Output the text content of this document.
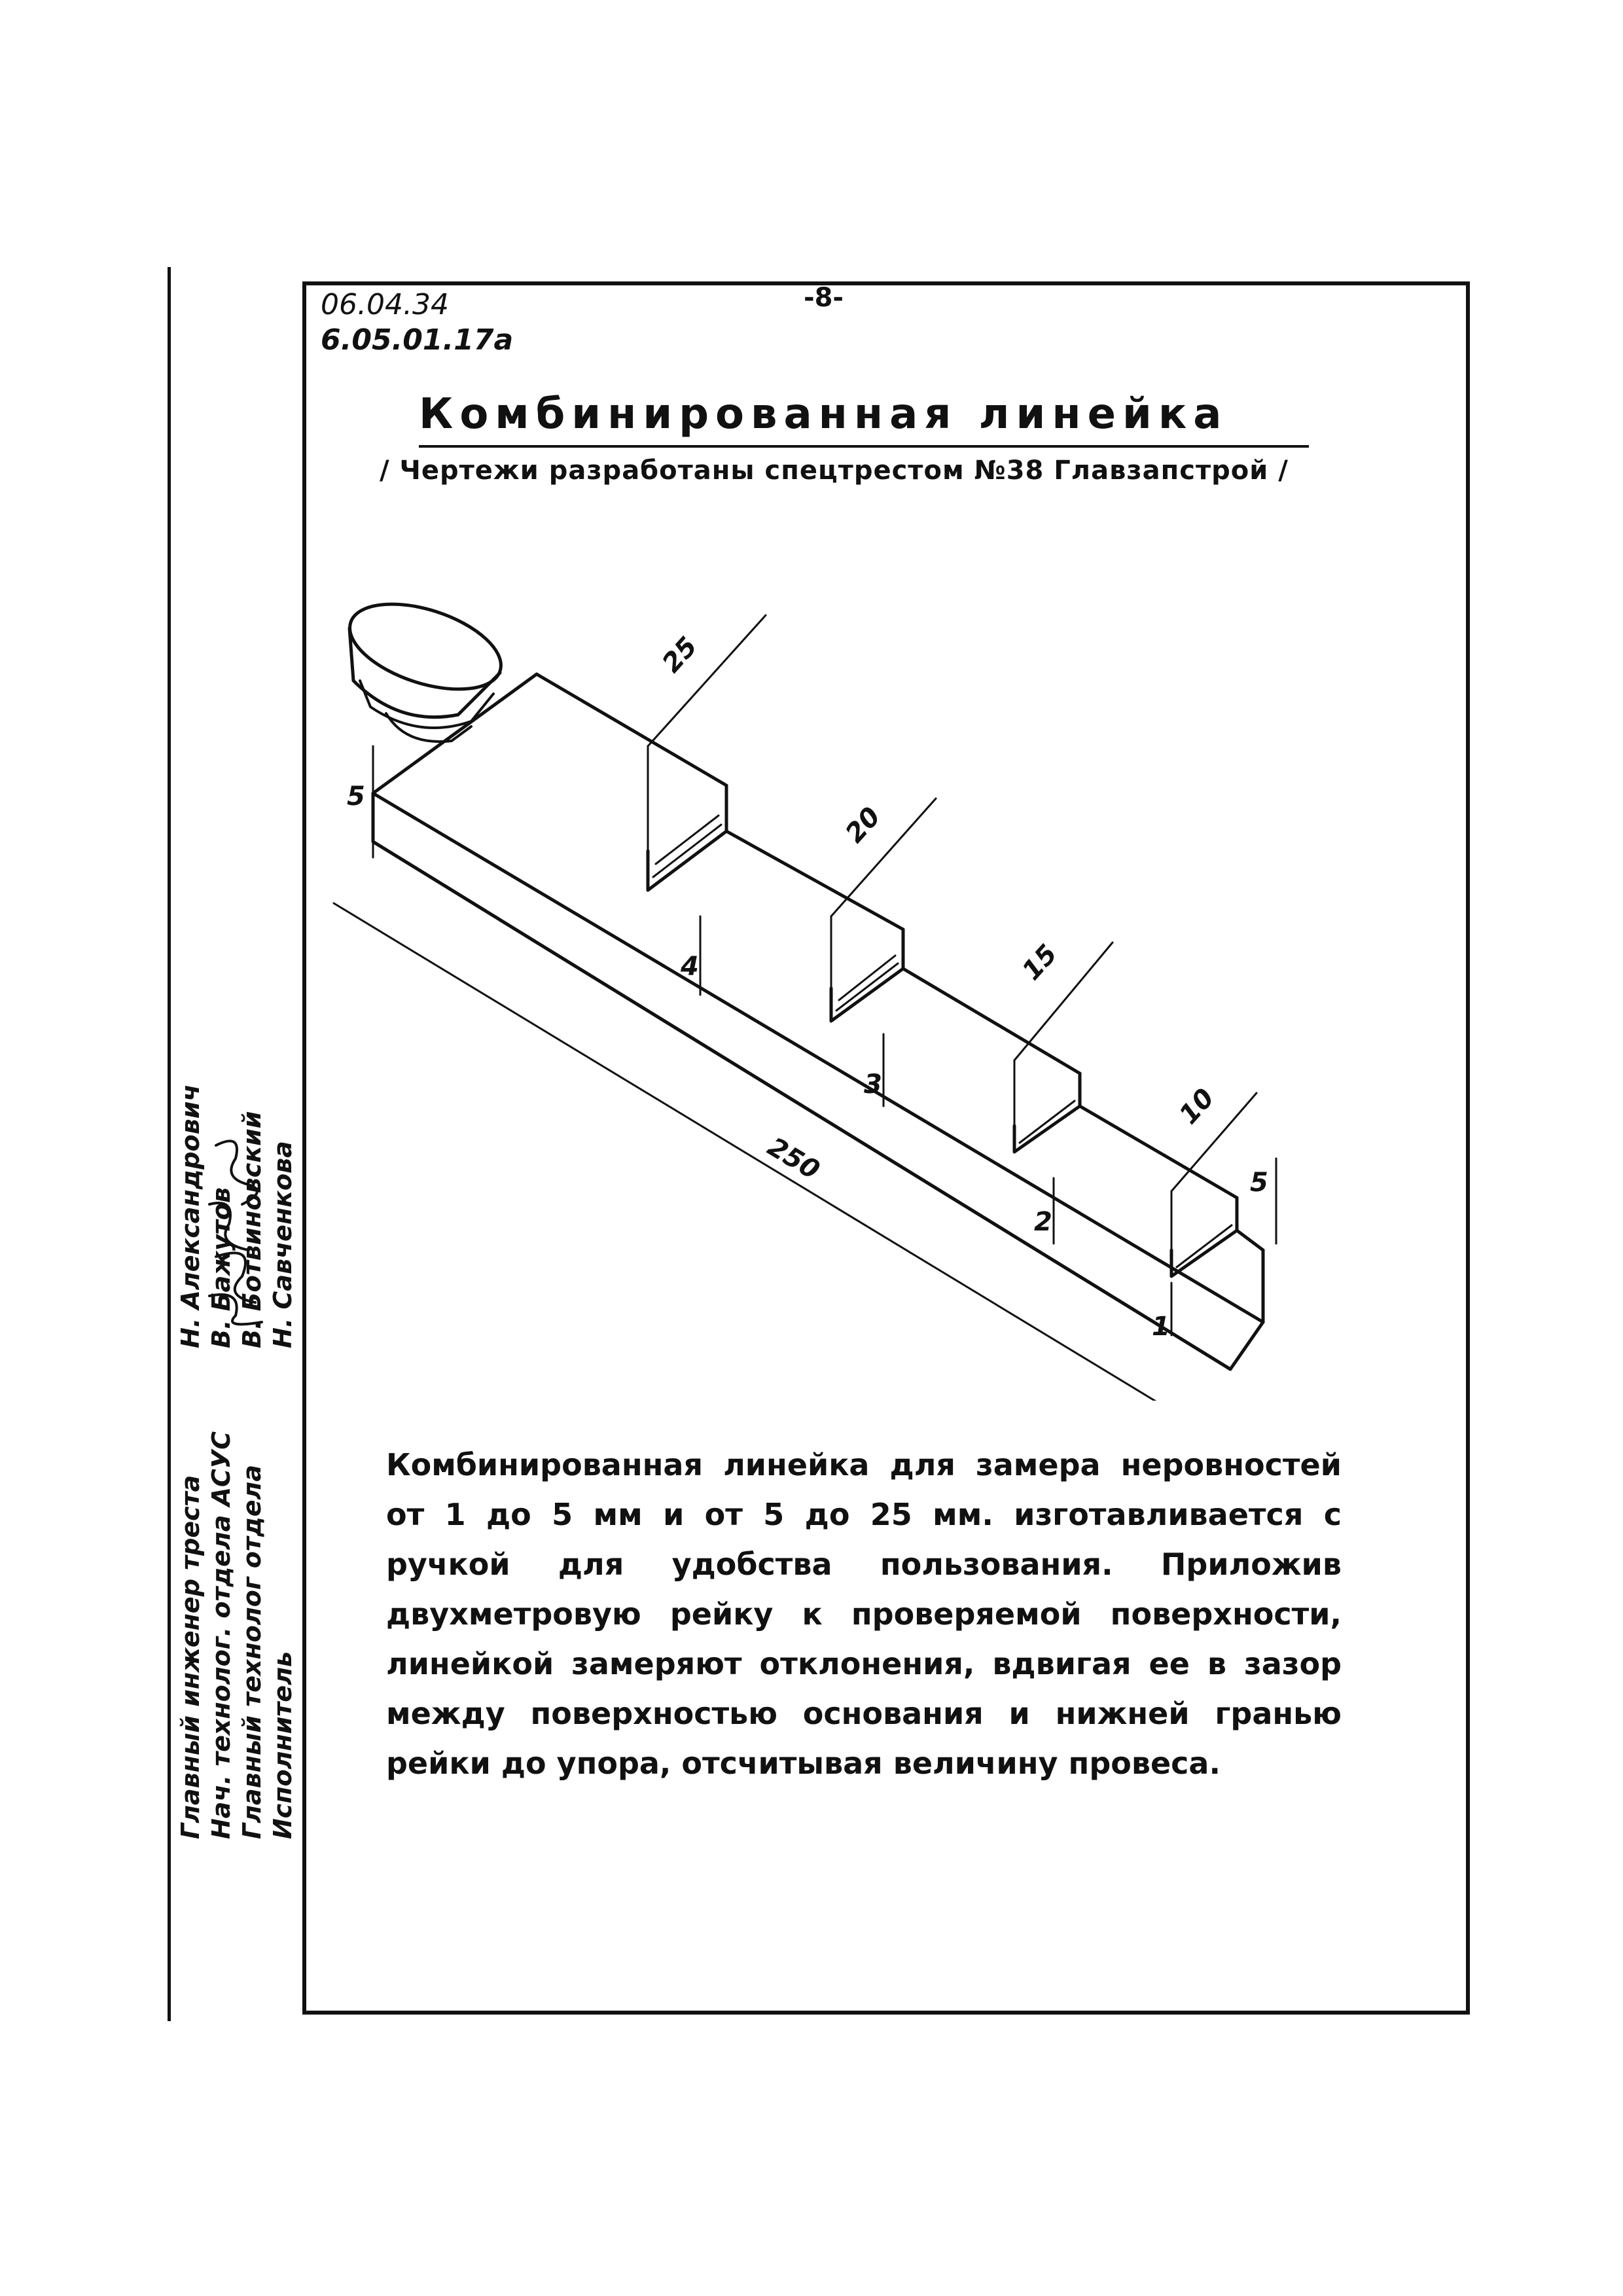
06.04.34
6.05.01.17а
-8-
Комбинированная линейка
/ Чертежи разработаны спецтрестом №38 Главзапстрой /
5
250
25
20
15
10
5
4
3
2
1
Комбинированная линейка для замера неровностей от 1 до 5 мм и от 5 до 25 мм. изготавливается с ручкой для удобства пользования. Приложив двухметровую рейку к проверяемой поверхности, линейкой замеряют отклонения, вдвигая ее в зазор между поверхностью основания и нижней гранью рейки до упора, отсчитывая величину провеса.
Главный инженер трестаН. Александрович
Нач. технолог. отдела АСУСВ. Бажутов
Главный технолог отделаВ. Ботвиновский
ИсполнительН. Савченкова
